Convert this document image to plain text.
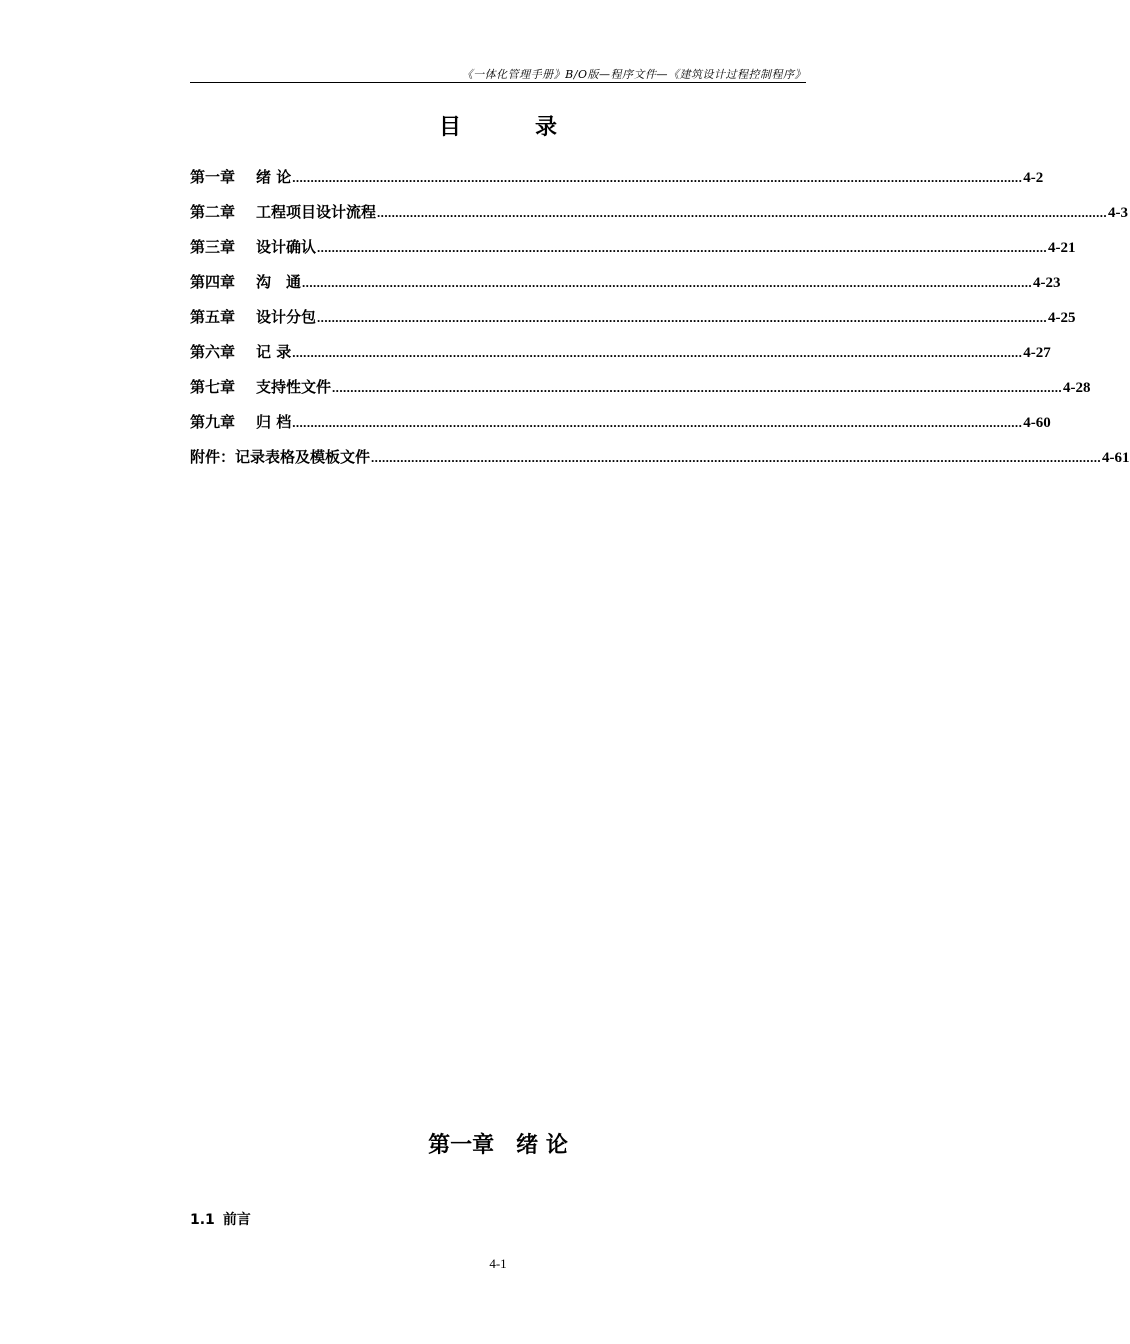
《一体化管理手册》B/O版—程序文件—《建筑设计过程控制程序》
目	录
第一章	绪 论 ........................................................................................................................................................................................................ 4-2
第二章	工程项目设计流程 ........................................................................................................................................................................................................ 4-3
第三章	设计确认 ........................................................................................................................................................................................................ 4-21
第四章	沟　通 ........................................................................................................................................................................................................ 4-23
第五章	设计分包 ........................................................................................................................................................................................................ 4-25
第六章	记 录 ........................................................................................................................................................................................................ 4-27
第七章	支持性文件 ........................................................................................................................................................................................................ 4-28
第九章	归 档 ........................................................................................................................................................................................................ 4-60
附件：记录表格及模板文件 ........................................................................................................................................................................................................ 4-61
第一章 绪 论
1.1 前言
4-1
